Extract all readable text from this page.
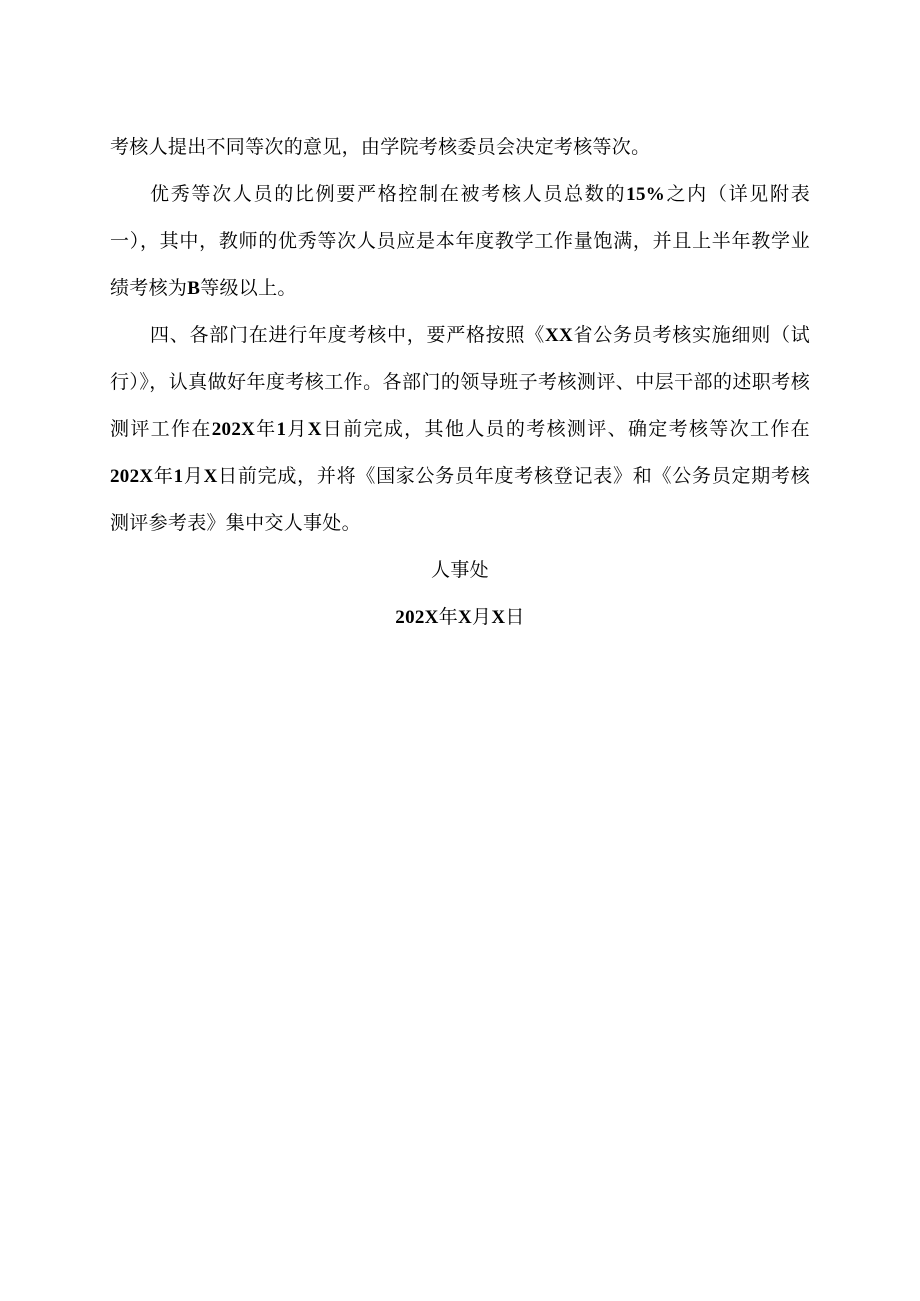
考核人提出不同等次的意见，由学院考核委员会决定考核等次。

优秀等次人员的比例要严格控制在被考核人员总数的15%之内（详见附表一），其中，教师的优秀等次人员应是本年度教学工作量饱满，并且上半年教学业绩考核为B等级以上。

四、各部门在进行年度考核中，要严格按照《XX省公务员考核实施细则（试行）》，认真做好年度考核工作。各部门的领导班子考核测评、中层干部的述职考核测评工作在202X年1月X日前完成，其他人员的考核测评、确定考核等次工作在202X年1月X日前完成，并将《国家公务员年度考核登记表》和《公务员定期考核测评参考表》集中交人事处。

人事处

202X年X月X日
